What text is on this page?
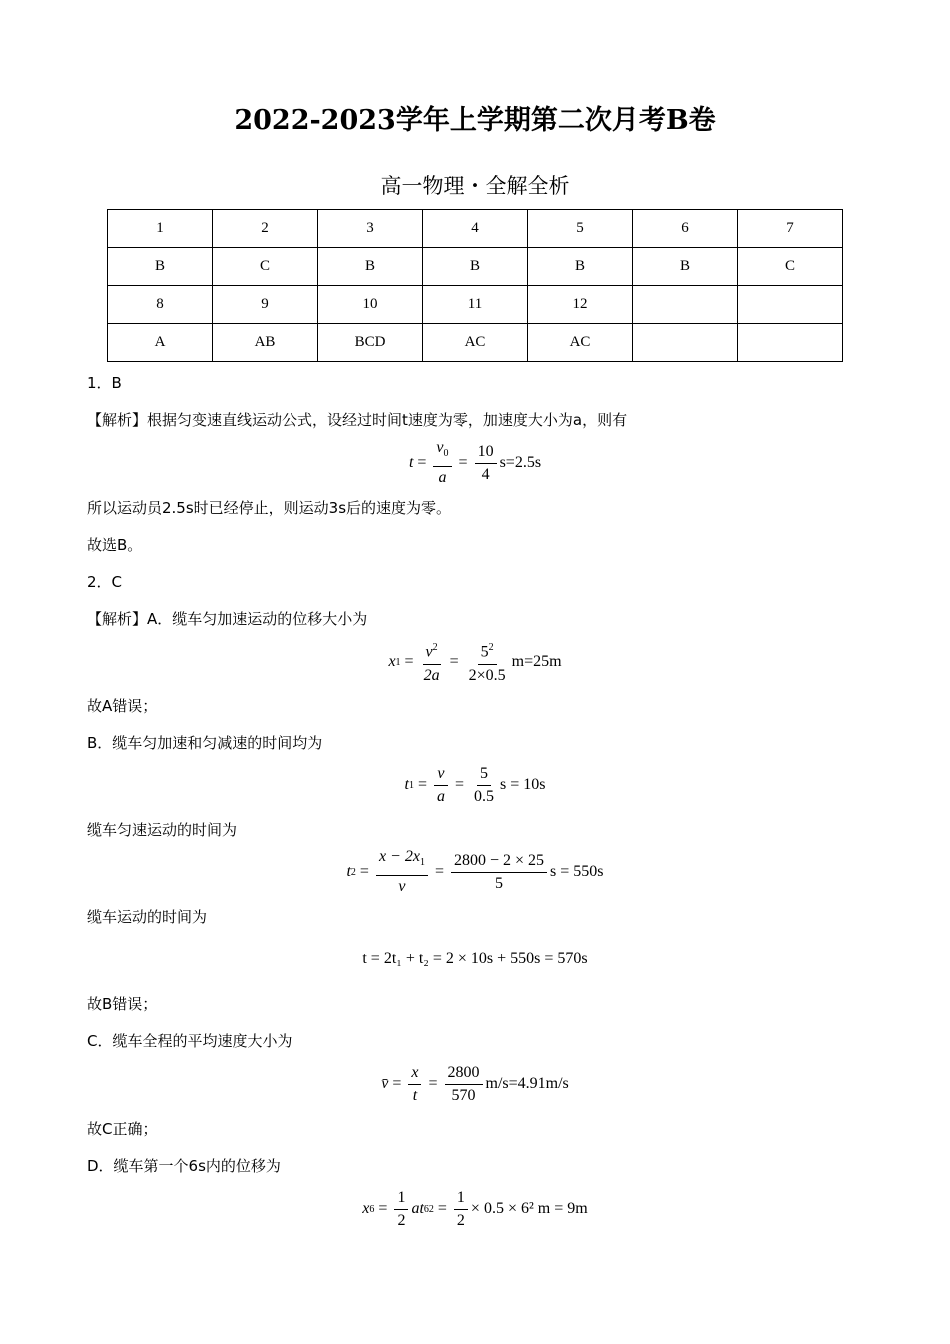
2022-2023学年上学期第二次月考B卷
高一物理・全解全析
1	2	3	4	5	6	7
B	C	B	B	B	B	C
8	9	10	11	12		
A	AB	BCD	AC	AC		
1．B
【解析】根据匀变速直线运动公式，设经过时间t速度为零，加速度大小为a，则有
$t = \frac{v_0}{a} = \frac{10}{4} s=2.5s$
所以运动员2.5s时已经停止，则运动3s后的速度为零。
故选B。
2．C
【解析】A．缆车匀加速运动的位移大小为
x $1 = \frac{v^2}{2a} = \frac{5^2}{2\times 0.5} m=25m$
故A错误；
B．缆车匀加速和匀减速的时间均为
t $1 = \frac{v}{a} = \frac{5}{0.5}$ s = 10s
缆车匀速运动的时间为
t $2 = \frac{x - 2x_1}{v} = \frac{2800 - 2 \times 25}{5}$ s = 550s
缆车运动的时间为
t = 2t₁ + t₂ = 2 × 10s + 550s = 570s
故B错误；
C．缆车全程的平均速度大小为
v̄ = $\frac{x}{t} = \frac{2800}{570} m/s=4.91m/s$
故C正确；
D．缆车第一个6s内的位移为
x $6 = \frac{1}{2}$ at 6 $2 = \frac{1}{2} \times 0.5 \times 6^2$ m = 9m
